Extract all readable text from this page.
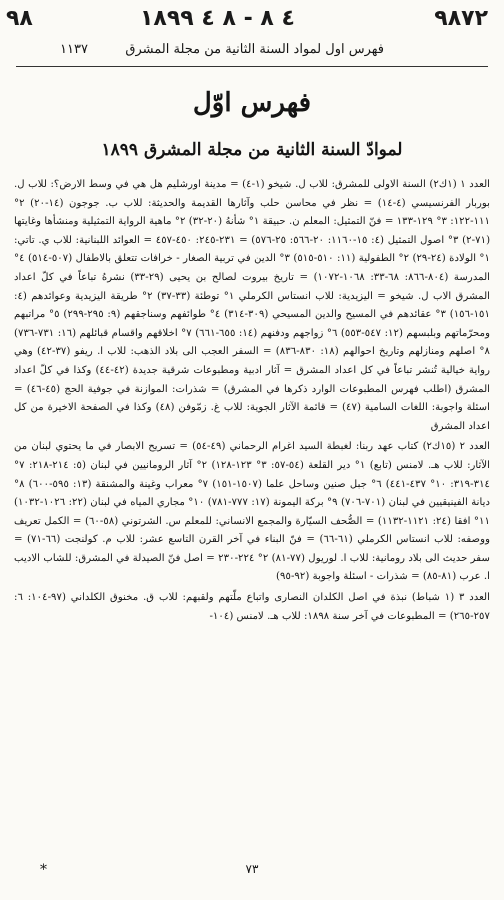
٩٨	٤ ٨ - ٨ ٤ ١٨٩٩	٩٨٧٢
فهرس اول لمواد السنة الثانية من مجلة المشرق
١١٣٧
فهرس اوّل
لموادّ السنة الثانية من مجلة المشرق ١٨٩٩

العدد ١ (١ك٢) السنة الاولى للمشرق: للاب ل. شيخو (١-٤) = مدينة اورشليم هل هي في وسط الارض؟: للاب ل. بوربار الفرنسيسي (٤-١٤) = نظر في محاسن حلب وآثارها القديمة والحديثة: للاب ب. جوجون (١٤-٢٠) ٢° ١١١-١٢٢: ٣° ١٢٩-١٣٣ = فنّ التمثيل: المعلم ن. حبيقة ١° شأنهُ (٢٠-٣٢) ٢° ماهية الرواية التمثيلية ومنشأها وغايتها (٧١-٢) ٣° اصول التمثيل (٤: ١٥-١١٦٠: ٢٠-٥٦٦: ٢٥-٥٧٦) = ٢٣١-٢٤٥: ٤٥٠-٤٥٧ = العوائد اللبنانية: للاب ي. تاتي: ١° الولادة (٢٤-٢٩) ٢° الطفولية (١١: ٥١٠-٥١٥) ٣° الدين في تربية الصغار - خرافات تتعلق بالاطفال (٥٠٧-٥١٤) ٤° المدرسة (٨٠٤-٨٦٦: ٦٨-٣٣: ١٠٦٨-١٠٧٢) = تاريخ بيروت لصالح بن يحيى (٢٩-٣٣) نشرهُ تباعاً في كلّ اعداد المشرق الاب ل. شيخو = اليزيدية: للاب انستاس الكرملي ١° توطئة (٣٣-٣٧) ٢° طريقة اليزيدية وعوائدهم (٤: ١٥١-١٥٦) ٣° عقائدهم في المسيح والدين المسيحي (٣٠٩-٣١٤) ٤° طوائفهم وسناجقهم (٩: ٢٩٥-٢٩٩) ٥° مراتبهم ومحرّماتهم وبلبسهم (١٢: ٥٤٧-٥٥٣) ٦° زواجهم ودفنهم (١٤: ٦٥٥-٦٦١) ٧° اخلاقهم واقسام قبائلهم (١٦: ٧٣١-٧٣٦) ٨° اصلهم ومنازلهم وتاريخ احوالهم (١٨: ٨٣٠-٨٣٦) = السفر العجب الى بلاد الذهب: للاب ا. ريفو (٣٧-٤٢) وهي رواية خيالية تُنشر تباعاً في كل اعداد المشرق = آثار ادبية ومطبوعات شرقية جديدة (٤٢-٤٤) وكذا في كلّ اعداد المشرق (اطلب فهرس المطبوعات الوارد ذكرها في المشرق) = شذرات: الموازنة في جوفية الحج (٤٥-٤٦) = اسئلة واجوبة: اللغات السامية (٤٧) = قائمة الآثار الجوية: للاب غ. زمّوفن (٤٨) وكذا في الصفحة الاخيرة من كل اعداد المشرق

العدد ٢ (١٥ك٢) كتاب عهد ربنا: لغبطة السيد اغرام الرحماني (٤٩-٥٤) = تسريح الابصار في ما يحتوي لبنان من الآثار: للاب هـ. لامنس (تابع) ١° دير القلعة (٥٤-٥٧: ٣° ١٢٣-١٢٨) ٢° آثار الرومانيين في لبنان (٥: ٢١٤-٢١٨: ٧° ٣١٤-٣١٩: ١٠° ٤٣٧-٤٤١) ٦° جبل صنين وساحل علما (١٥٠٧-١٥١) ٧° معراب وغينة والمشنقة (١٣: ٥٩٥-٦٠٠) ٨° ديانة الفينيقيين في لبنان (٧٠١-٧٠٦) ٩° بركة اليمونة (١٧: ٧٧٧-٧٨١) ١٠° مجاري المياه في لبنان (٢٢: ١٠٢٦-١٠٣٢) ١١° افقا (٢٤: ١١٢١-١١٣٢) = الصُّحف السيّارة والمجمع الانساني: للمعلم س. الشرتوني (٥٨-٦٠) = الكمل تعريف ووصفه: للاب انستاس الكرملي (٦١-٦٦) = فنّ البناء في آخر القرن التاسع عشر: للاب م. كولنجت (٦٦-٧١) = سفر حديث الى بلاد رومانية: للاب ا. لوريول (٧٧-٨١) ٢° ٢٢٤-٢٣٠ = اصل فنّ الصيدلة في المشرق: للشاب الاديب ا. عرب (٨١-٨٥) = شذرات - اسئلة واجوبة (٩٢-٩٥)

العدد ٣ (١ شباط) نبذة في اصل الكلدان النصارى واتباع ملّتهم ولقبهم: للاب ق. مخنوق الكلداني (٩٧-١٠٤: ٦: ٢٥٧-٢٦٥) = المطبوعات في آخر سنة ١٨٩٨: للاب هـ. لامنس (١٠٤-

*	٧٣
